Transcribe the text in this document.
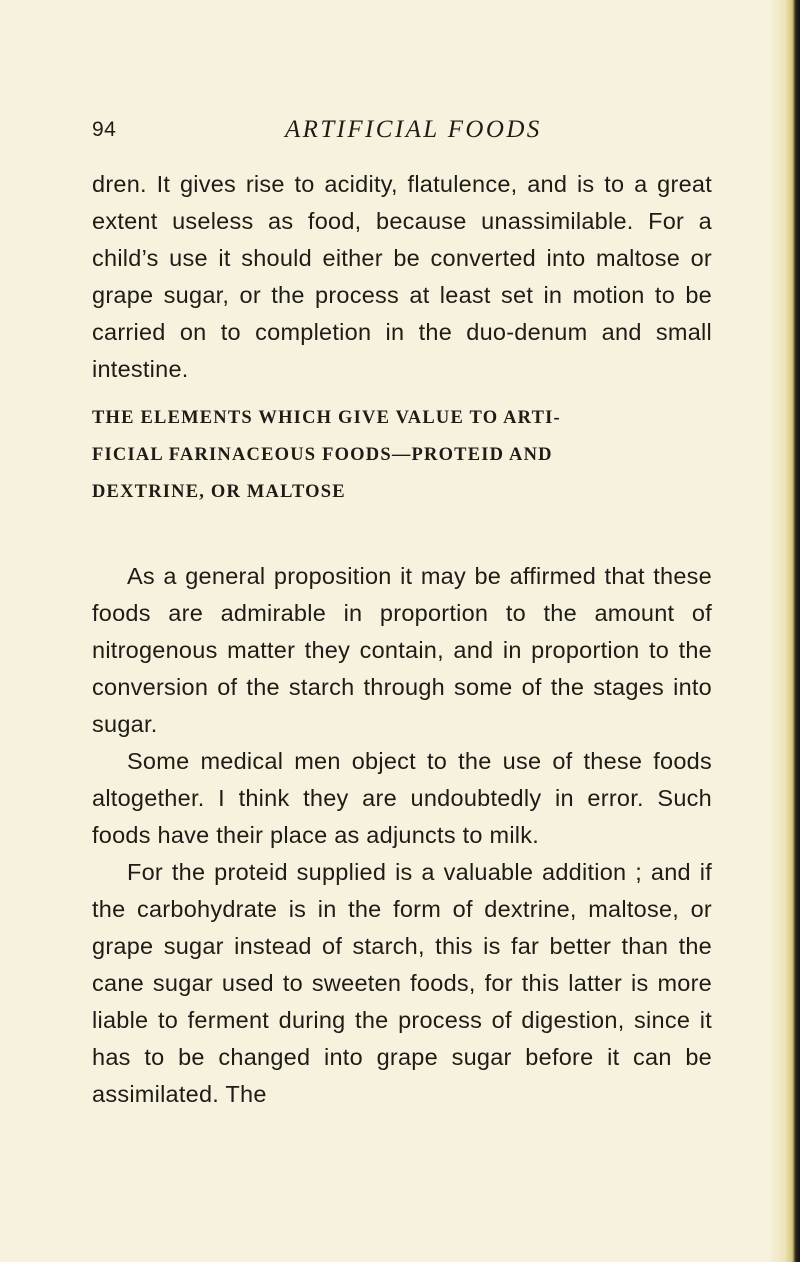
94	ARTIFICIAL FOODS

dren. It gives rise to acidity, flatulence, and is to a great extent useless as food, because unassimilable. For a child’s use it should either be converted into maltose or grape sugar, or the process at least set in motion to be carried on to completion in the duo-denum and small intestine.

THE ELEMENTS WHICH GIVE VALUE TO ARTI-
FICIAL FARINACEOUS FOODS—PROTEID AND
DEXTRINE, OR MALTOSE

As a general proposition it may be affirmed that these foods are admirable in proportion to the amount of nitrogenous matter they contain, and in proportion to the conversion of the starch through some of the stages into sugar.

Some medical men object to the use of these foods altogether. I think they are undoubtedly in error. Such foods have their place as adjuncts to milk.

For the proteid supplied is a valuable addition ; and if the carbohydrate is in the form of dextrine, maltose, or grape sugar instead of starch, this is far better than the cane sugar used to sweeten foods, for this latter is more liable to ferment during the process of digestion, since it has to be changed into grape sugar before it can be assimilated. The
